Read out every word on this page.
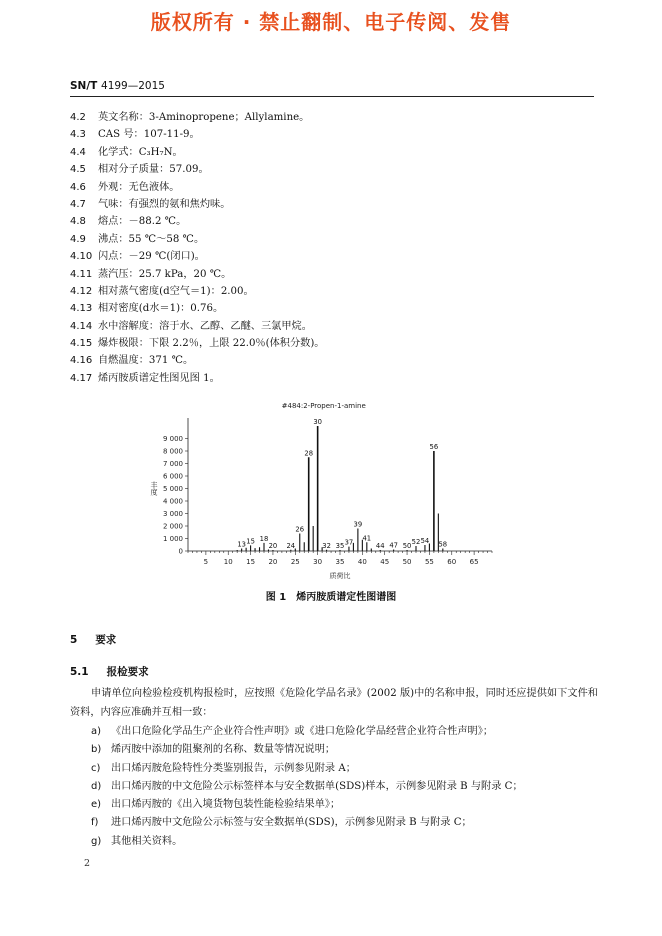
版权所有 · 禁止翻制、电子传阅、发售
SN/T 4199—2015
4.2	英文名称：3-Aminopropene；Allylamine。
4.3	CAS 号：107-11-9。
4.4	化学式：C₃H₇N。
4.5	相对分子质量：57.09。
4.6	外观：无色液体。
4.7	气味：有强烈的氨和焦灼味。
4.8	熔点：－88.2 ℃。
4.9	沸点：55 ℃～58 ℃。
4.10 闪点：－29 ℃(闭口)。
4.11 蒸汽压：25.7 kPa，20 ℃。
4.12 相对蒸气密度(d空气＝1)：2.00。
4.13 相对密度(d水＝1)：0.76。
4.14 水中溶解度：溶于水、乙醇、乙醚、三氯甲烷。
4.15 爆炸极限：下限 2.2％，上限 22.0％(体积分数)。
4.16 自燃温度：371 ℃。
4.17 烯丙胺质谱定性图见图 1。
5 10 15 20 25 30 35 40 45 50 55 60 65
0
1 000
2 000
3 000
4 000
5 000
6 000
7 000
8 000
9 000
丰度
质荷比
#484:2-Propen-1-amine
13 15 18
20 24
26
28
30
32 35 37
39
41
44 47 50 52 54
56
58
图 1　烯丙胺质谱定性图谱图
5 要求
5.1 报检要求
申请单位向检验检疫机构报检时，应按照《危险化学品名录》(2002 版)中的名称申报，同时还应提供如下文件和资料，内容应准确并互相一致：
a) 《出口危险化学品生产企业符合性声明》或《进口危险化学品经营企业符合性声明》；
b) 烯丙胺中添加的阻聚剂的名称、数量等情况说明；
c)	出口烯丙胺危险特性分类鉴别报告，示例参见附录 A；
d) 出口烯丙胺的中文危险公示标签样本与安全数据单(SDS)样本，示例参见附录 B 与附录 C；
e) 出口烯丙胺的《出入境货物包装性能检验结果单》；
f)	进口烯丙胺中文危险公示标签与安全数据单(SDS)，示例参见附录 B 与附录 C；
g) 其他相关资料。
2
